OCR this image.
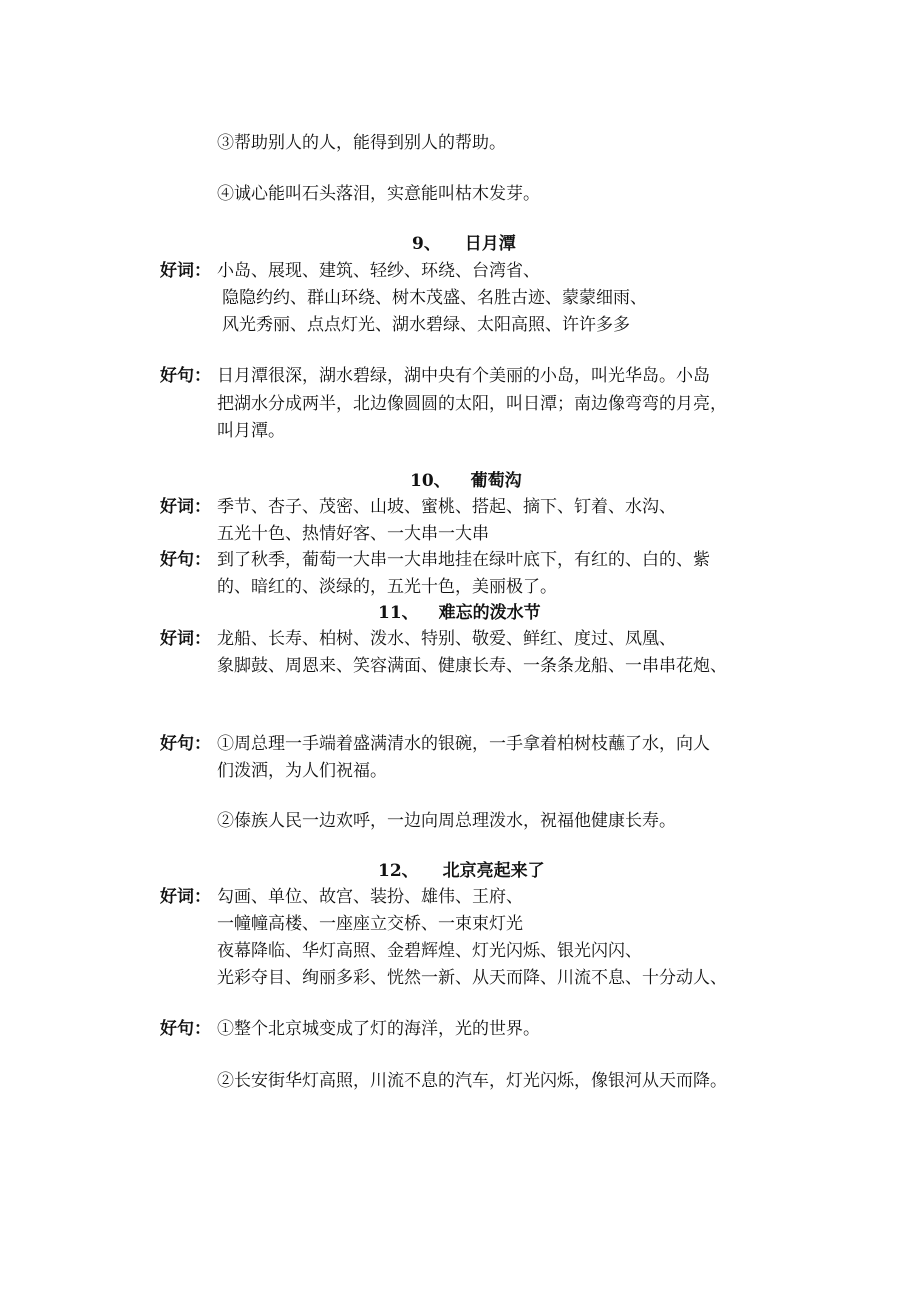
③帮助别人的人，能得到别人的帮助。
④诚心能叫石头落泪，实意能叫枯木发芽。
9、 日月潭
好词： 小岛、展现、建筑、轻纱、环绕、台湾省、
隐隐约约、群山环绕、树木茂盛、名胜古迹、蒙蒙细雨、
风光秀丽、点点灯光、湖水碧绿、太阳高照、许许多多
好句： 日月潭很深，湖水碧绿，湖中央有个美丽的小岛，叫光华岛。小岛
把湖水分成两半，北边像圆圆的太阳，叫日潭；南边像弯弯的月亮，
叫月潭。
10、 葡萄沟
好词： 季节、杏子、茂密、山坡、蜜桃、搭起、摘下、钉着、水沟、
五光十色、热情好客、一大串一大串
好句： 到了秋季，葡萄一大串一大串地挂在绿叶底下，有红的、白的、紫
的、暗红的、淡绿的，五光十色，美丽极了。
11、 难忘的泼水节
好词： 龙船、长寿、柏树、泼水、特别、敬爱、鲜红、度过、凤凰、
象脚鼓、周恩来、笑容满面、健康长寿、一条条龙船、一串串花炮、
好句： ①周总理一手端着盛满清水的银碗，一手拿着柏树枝蘸了水，向人
们泼洒，为人们祝福。
②傣族人民一边欢呼，一边向周总理泼水，祝福他健康长寿。
12、 北京亮起来了
好词： 勾画、单位、故宫、装扮、雄伟、王府、
一幢幢高楼、一座座立交桥、一束束灯光
夜幕降临、华灯高照、金碧辉煌、灯光闪烁、银光闪闪、
光彩夺目、绚丽多彩、恍然一新、从天而降、川流不息、十分动人、
好句： ①整个北京城变成了灯的海洋，光的世界。
②长安街华灯高照，川流不息的汽车，灯光闪烁，像银河从天而降。
